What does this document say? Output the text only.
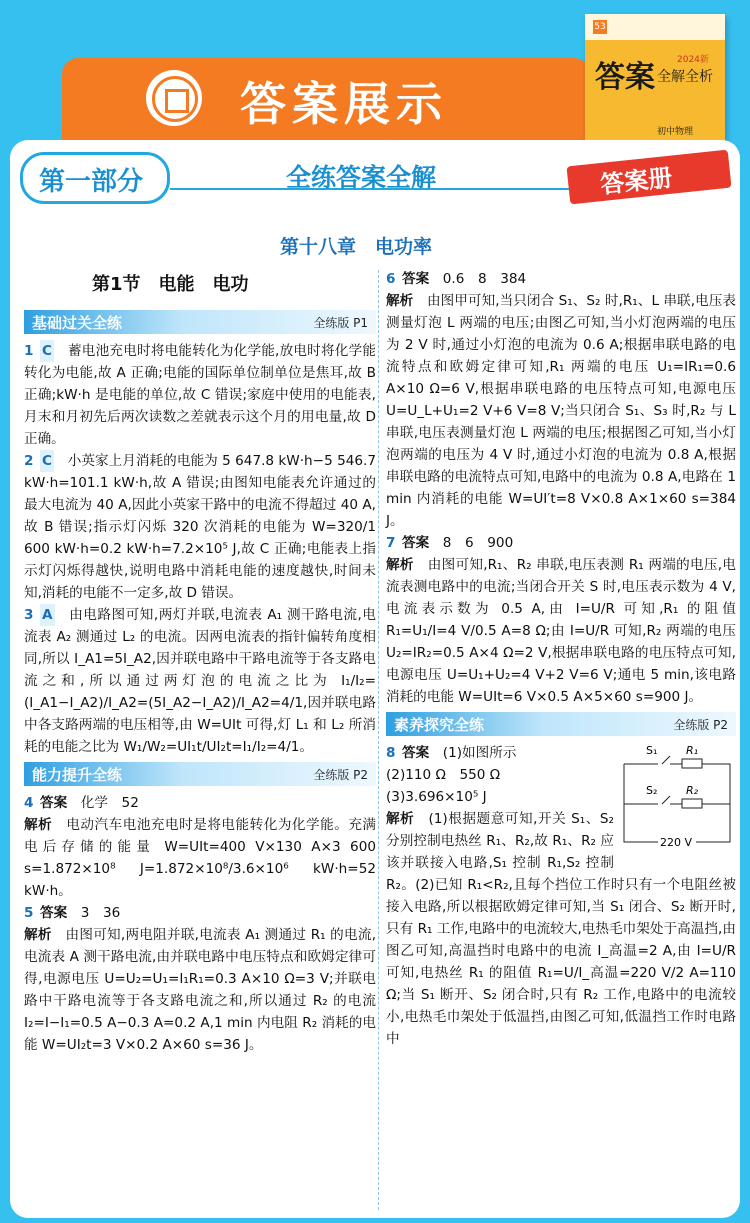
答案展示
53
答案 2024新
全解全析
初中物理
第一部分	全练答案全解
第十八章　电功率
第1节　电能　电功
基础过关全练	全练版 P1

1 C　 蓄电池充电时将电能转化为化学能,放电时将化学能转化为电能,故 A 正确;电能的国际单位制单位是焦耳,故 B 正确;kW·h 是电能的单位,故 C 错误;家庭中使用的电能表,月末和月初先后两次读数之差就表示这个月的用电量,故 D 正确。

2 C　 小英家上月消耗的电能为 5 647.8 kW·h−5 546.7 kW·h=101.1 kW·h,故 A 错误;由图知电能表允许通过的最大电流为 40 A,因此小英家干路中的电流不得超过 40 A,故 B 错误;指示灯闪烁 320 次消耗的电能为 W=320/1 600 kW·h=0.2 kW·h=7.2×10⁵ J,故 C 正确;电能表上指示灯闪烁得越快,说明电路中消耗电能的速度越快,时间未知,消耗的电能不一定多,故 D 错误。

3 A　 由电路图可知,两灯并联,电流表 A₁ 测干路电流,电流表 A₂ 测通过 L₂ 的电流。因两电流表的指针偏转角度相同,所以 I_A1=5I_A2,因并联电路中干路电流等于各支路电流之和,所以通过两灯泡的电流之比为 I₁/I₂=(I_A1−I_A2)/I_A2=(5I_A2−I_A2)/I_A2=4/1,因并联电路中各支路两端的电压相等,由 W=UIt 可得,灯 L₁ 和 L₂ 所消耗的电能之比为 W₁/W₂=UI₁t/UI₂t=I₁/I₂=4/1。

能力提升全练	全练版 P2

4 答案　 化学　52
解析　 电动汽车电池充电时是将电能转化为化学能。充满电后存储的能量 W=UIt=400 V×130 A×3 600 s=1.872×10⁸ J=1.872×10⁸/3.6×10⁶ kW·h=52 kW·h。

5 答案　 3　36
解析　 由图可知,两电阻并联,电流表 A₁ 测通过 R₁ 的电流,电流表 A 测干路电流,由并联电路中电压特点和欧姆定律可得,电源电压 U=U₂=U₁=I₁R₁=0.3 A×10 Ω=3 V;并联电路中干路电流等于各支路电流之和,所以通过 R₂ 的电流 I₂=I−I₁=0.5 A−0.3 A=0.2 A,1 min 内电阻 R₂ 消耗的电能 W=UI₂t=3 V×0.2 A×60 s=36 J。

6 答案　 0.6　8　384
解析　 由图甲可知,当只闭合 S₁、S₂ 时,R₁、L 串联,电压表测量灯泡 L 两端的电压;由图乙可知,当小灯泡两端的电压为 2 V 时,通过小灯泡的电流为 0.6 A;根据串联电路的电流特点和欧姆定律可知,R₁ 两端的电压 U₁=IR₁=0.6 A×10 Ω=6 V,根据串联电路的电压特点可知,电源电压 U=U_L+U₁=2 V+6 V=8 V;当只闭合 S₁、S₃ 时,R₂ 与 L 串联,电压表测量灯泡 L 两端的电压;根据图乙可知,当小灯泡两端的电压为 4 V 时,通过小灯泡的电流为 0.8 A,根据串联电路的电流特点可知,电路中的电流为 0.8 A,电路在 1 min 内消耗的电能 W=UI′t=8 V×0.8 A×1×60 s=384 J。

7 答案　 8　6　900
解析　 由图可知,R₁、R₂ 串联,电压表测 R₁ 两端的电压,电流表测电路中的电流;当闭合开关 S 时,电压表示数为 4 V,电流表示数为 0.5 A,由 I=U/R 可知,R₁ 的阻值 R₁=U₁/I=4 V/0.5 A=8 Ω;由 I=U/R 可知,R₂ 两端的电压 U₂=IR₂=0.5 A×4 Ω=2 V,根据串联电路的电压特点可知,电源电压 U=U₁+U₂=4 V+2 V=6 V;通电 5 min,该电路消耗的电能 W=UIt=6 V×0.5 A×5×60 s=900 J。

素养探究全练	全练版 P2
S₁	R₁
S₂	R₂
220 V

8 答案　 (1)如图所示
(2)110 Ω　550 Ω
(3)3.696×10⁵ J
解析　 (1)根据题意可知,开关 S₁、S₂ 分别控制电热丝 R₁、R₂,故 R₁、R₂ 应该并联接入电路,S₁ 控制 R₁,S₂ 控制 R₂。(2)已知 R₁<R₂,且每个挡位工作时只有一个电阻丝被接入电路,所以根据欧姆定律可知,当 S₁ 闭合、S₂ 断开时,只有 R₁ 工作,电路中的电流较大,电热毛巾架处于高温挡,由图乙可知,高温挡时电路中的电流 I_高温=2 A,由 I=U/R 可知,电热丝 R₁ 的阻值 R₁=U/I_高温=220 V/2 A=110 Ω;当 S₁ 断开、S₂ 闭合时,只有 R₂ 工作,电路中的电流较小,电热毛巾架处于低温挡,由图乙可知,低温挡工作时电路中

答案册
